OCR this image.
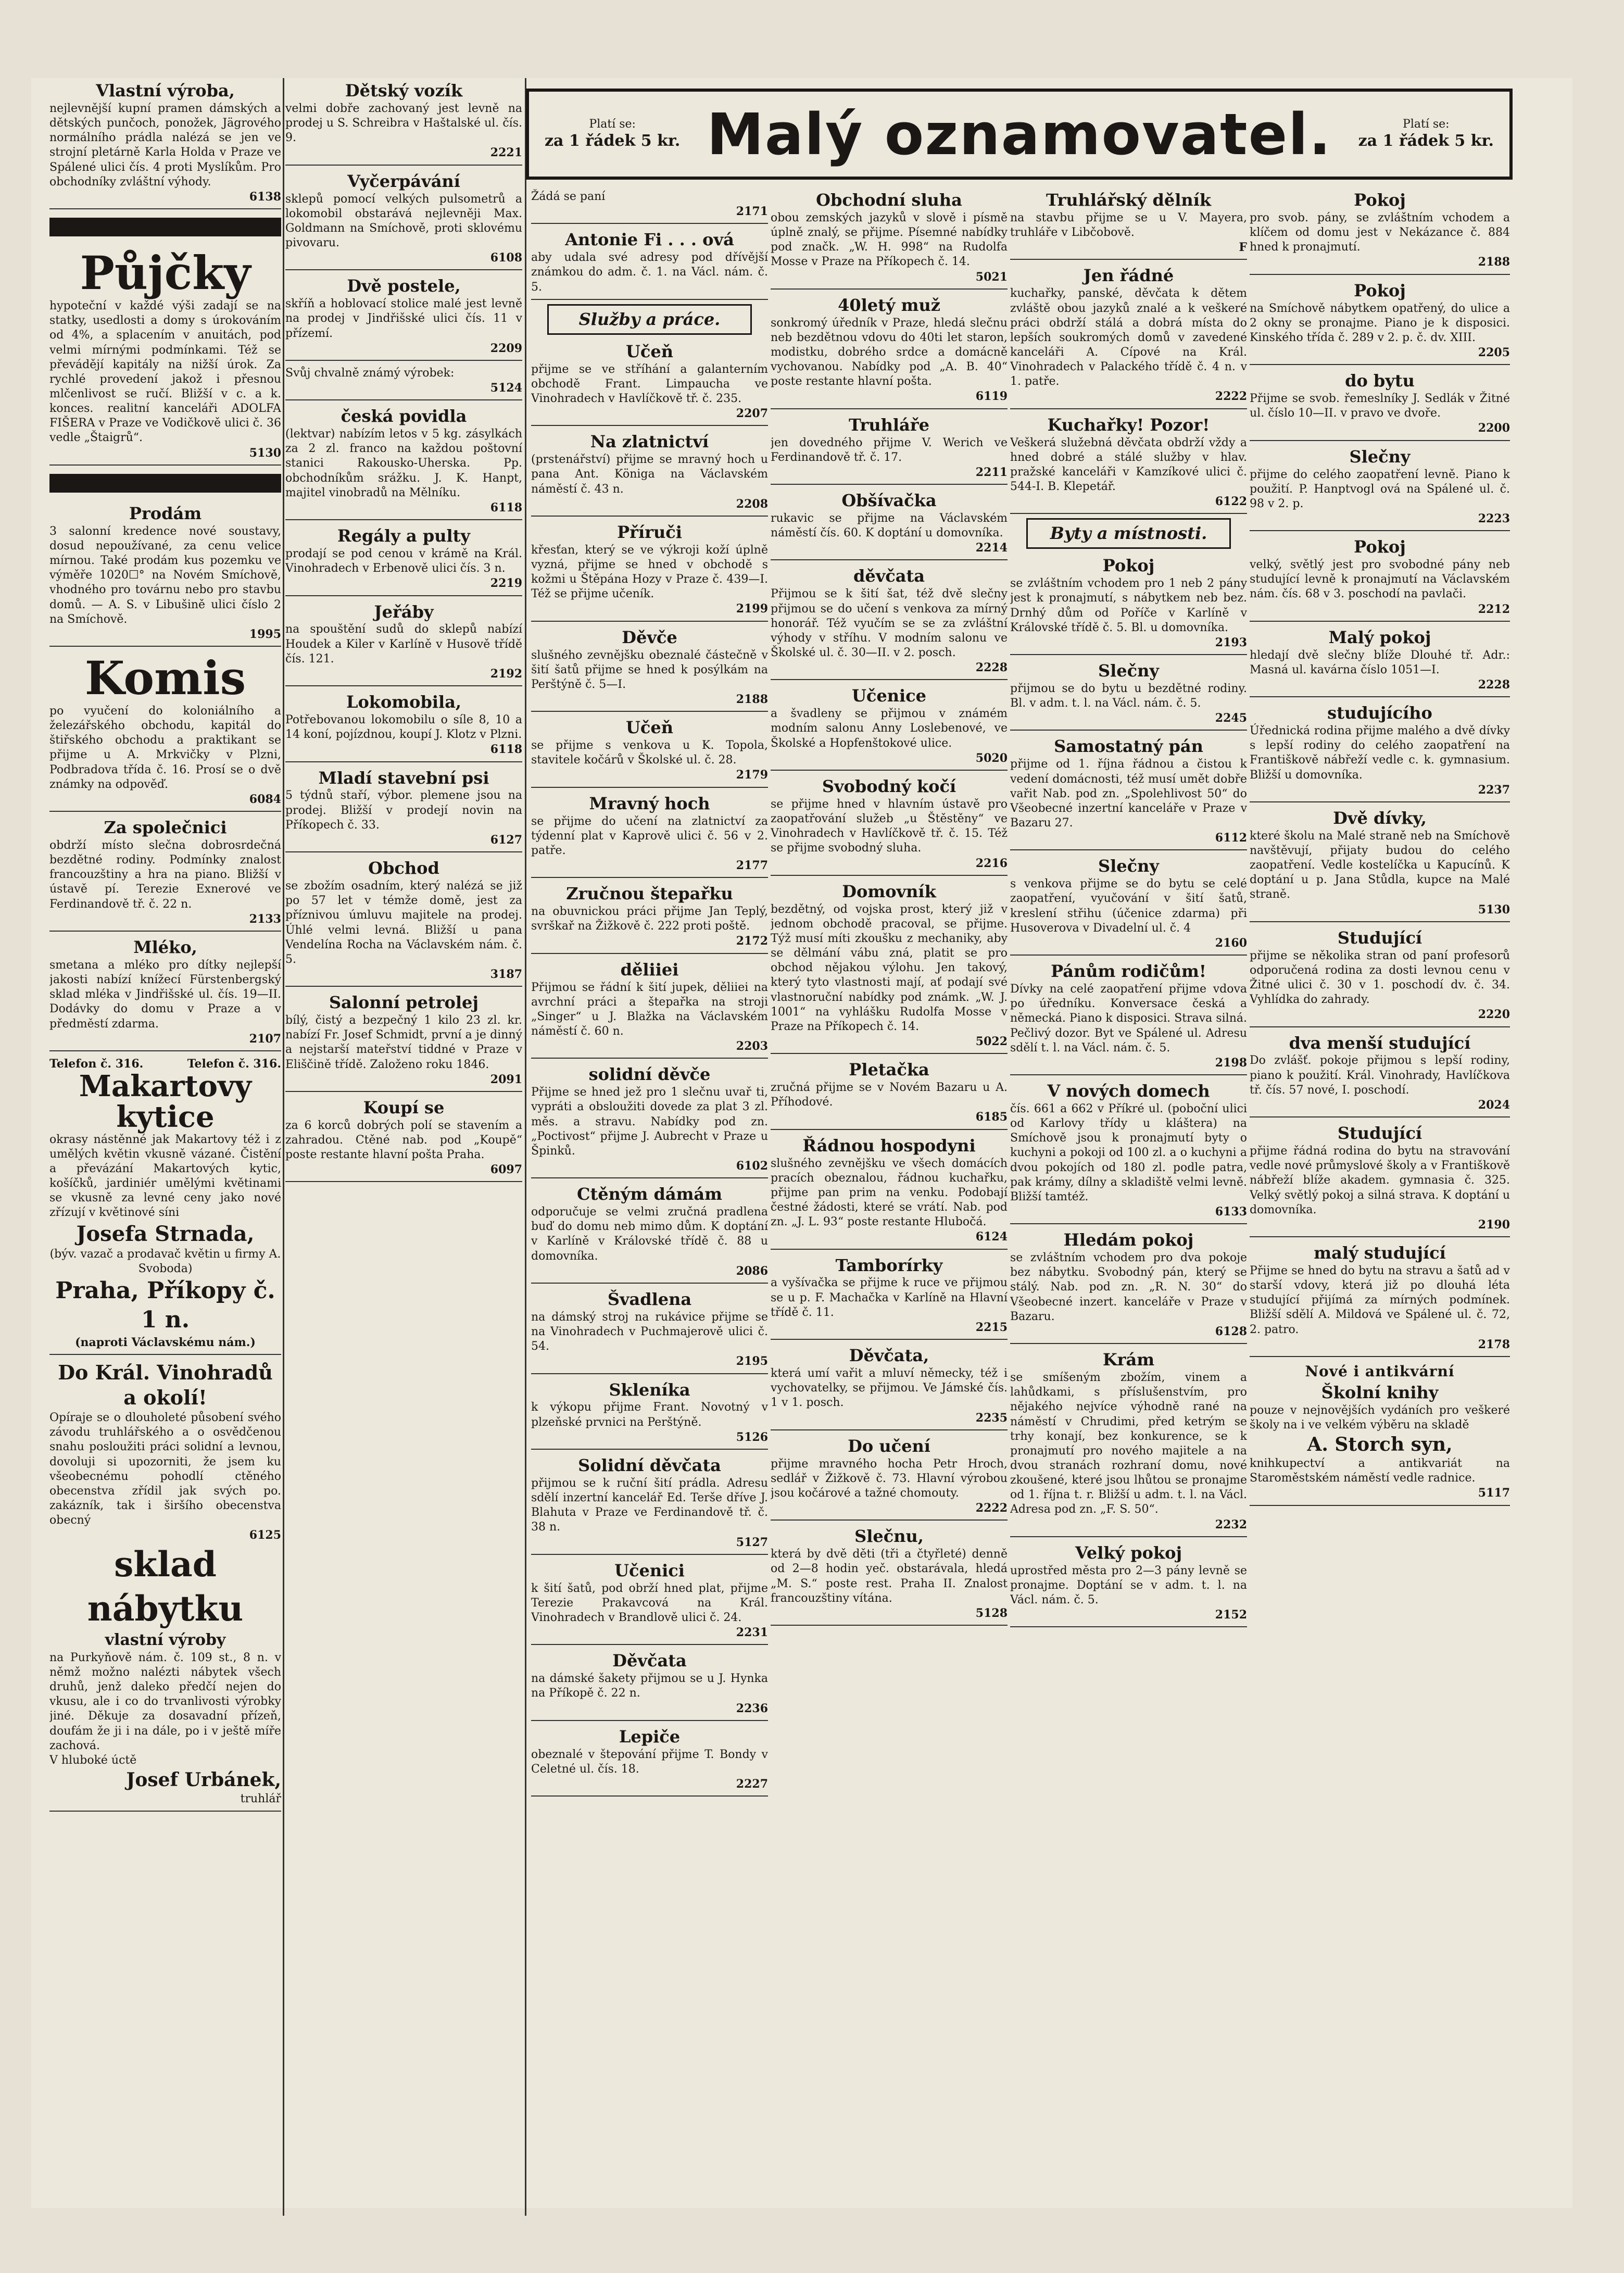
Platí se:
za 1 řádek 5 kr. Malý oznamovatel.	Platí se:
za 1 řádek 5 kr.
Vlastní výroba,

nejlevnější kupní pramen dámských a dětských punčoch, ponožek, Jägrového normálního prádla nalézá se jen ve strojní pletárně Karla Holda v Praze ve Spálené ulici čís. 4 proti Myslíkům. Pro obchodníky zvláštní výhody.

6138
Půjčky

hypoteční v každé výši zadají se na statky, usedlosti a domy s úrokováním od 4%, a splacením v anuitách, pod velmi mírnými podmínkami. Též se převádějí kapitály na nižší úrok. Za rychlé provedení jakož i přesnou mlčenlivost se ručí. Bližší v c. a k. konces. realitní kanceláři ADOLFA FIŠERA v Praze ve Vodičkově ulici č. 36 vedle „Štaigrů“.

5130
Prodám

3 salonní kredence nové soustavy, dosud nepoužívané, za cenu velice mírnou. Také prodám kus pozemku ve výměře 1020☐° na Novém Smíchově, vhodného pro továrnu nebo pro stavbu domů. — A. S. v Libušině ulici číslo 2 na Smíchově.

1995
Komis

po vyučení do koloniálního a železářského obchodu, kapitál do štiřského obchodu a praktikant se přijme u A. Mrkvičky v Plzni, Podbradova třída č. 16. Prosí se o dvě známky na odpověď.

6084
Za společnici

obdrží místo slečna dobrosrdečná bezdětné rodiny. Podmínky znalost francouzštiny a hra na piano. Bližší v ústavě pí. Terezie Exnerové ve Ferdinandově tř. č. 22 n.

2133
Mléko,

smetana a mléko pro dítky nejlepší jakosti nabízí knížecí Fürstenbergský sklad mléka v Jindřišské ul. čís. 19—II. Dodávky do domu v Praze a v předměstí zdarma.

2107
Telefon č. 316.	Telefon č. 316.
Makartovy kytice

okrasy nástěnné jak Makartovy též i z umělých květin vkusně vázané. Čistění a převázání Makartových kytic, košíčků, jardiniér umělými květinami se vkusně za levné ceny jako nové zřízují v květinové síni

Josefa Strnada,
(býv. vazač a prodavač květin u firmy A. Svoboda)
Praha, Příkopy č. 1 n.
(naproti Václavskému nám.)
Do Král. Vinohradů a okolí!

Opíraje se o dlouholeté působení svého závodu truhlářského a o osvědčenou snahu posloužiti práci solidní a levnou, dovoluji si upozorniti, že jsem ku všeobecnému pohodlí ctěného obecenstva zřídil jak svých po. zakázník, tak i širšího obecenstva obecný

6125
sklad nábytku
vlastní výroby

na Purkyňově nám. č. 109 st., 8 n. v němž možno nalézti nábytek všech druhů, jenž daleko předčí nejen do vkusu, ale i co do trvanlivosti výrobky jiné. Děkuje za dosavadní přízeň, doufám že ji i na dále, po i v ještě míře zachová.

V hluboké úctě
Josef Urbánek,
truhlář
Dětský vozík

velmi dobře zachovaný jest levně na prodej u S. Schreibra v Haštalské ul. čís. 9.

2221
Vyčerpávání

sklepů pomocí velkých pulsometrů a lokomobil obstarává nejlevněji Max. Goldmann na Smíchově, proti sklovému pivovaru.

6108
Dvě postele,

skříň a hoblovací stolice malé jest levně na prodej v Jindřišské ulici čís. 11 v přízemí.

2209

Svůj chvalně známý výrobek:

5124
česká povidla

(lektvar) nabízím letos v 5 kg. zásylkách za 2 zl. franco na každou poštovní stanici Rakousko-Uherska. Pp. obchodníkům srážku. J. K. Hanpt, majitel vinobradů na Mělníku.

6118
Regály a pulty

prodají se pod cenou v krámě na Král. Vinohradech v Erbenově ulici čís. 3 n.

2219
Jeřáby

na spouštění sudů do sklepů nabízí Houdek a Kiler v Karlíně v Husově třídě čís. 121.

2192
Lokomobila,

Potřebovanou lokomobilu o síle 8, 10 a 14 koní, pojízdnou, koupí J. Klotz v Plzni.

6118
Mladí stavební psi

5 týdnů staří, výbor. plemene jsou na prodej. Bližší v prodejí novin na Příkopech č. 33.

6127
Obchod

se zbožím osadním, který nalézá se již po 57 let v témže domě, jest za příznivou úmluvu majitele na prodej. Úhlé velmi levná. Bližší u pana Vendelína Rocha na Václavském nám. č. 5.

3187
Salonní petrolej

bílý, čistý a bezpečný 1 kilo 23 zl. kr. nabízí Fr. Josef Schmidt, první a je dinný a nejstarší mateřství tiddné v Praze v Eliščině třídě. Založeno roku 1846.

2091
Koupí se

za 6 korců dobrých polí se stavením a zahradou. Ctěné nab. pod „Koupě“ poste restante hlavní pošta Praha.

6097

Žádá se paní

2171
Antonie Fi . . . ová

aby udala své adresy pod dřívější známkou do adm. č. 1. na Václ. nám. č. 5.

Služby a práce.
Učeň

přijme se ve stříhání a galanterním obchodě Frant. Limpaucha ve Vinohradech v Havlíčkově tř. č. 235.

2207
Na zlatnictví

(prstenářství) přijme se mravný hoch u pana Ant. Königa na Václavském náměstí č. 43 n.

2208
Příruči

křesťan, který se ve výkroji koží úplně vyzná, přijme se hned v obchodě s kožmi u Štěpána Hozy v Praze č. 439—I. Též se přijme učeník.

2199
Děvče

slušného zevnějšku obeznalé částečně v šití šatů přijme se hned k posýlkám na Perštýně č. 5—I.

2188
Učeň

se přijme s venkova u K. Topola, stavitele kočárů v Školské ul. č. 28.

2179
Mravný hoch

se přijme do učení na zlatnictví za týdenní plat v Kaprově ulici č. 56 v 2. patře.

2177
Zručnou štepařku

na obuvnickou práci přijme Jan Teplý, svrškař na Žižkově č. 222 proti poště.

2172
děliiei

Přijmou se řádní k šití jupek, děliiei na avrchní práci a štepařka na stroji „Singer“ u J. Blažka na Václavském náměstí č. 60 n.

2203
solidní děvče

Přijme se hned jež pro 1 slečnu uvař ti, vypráti a obsloužiti dovede za plat 3 zl. měs. a stravu. Nabídky pod zn. „Poctivost“ přijme J. Aubrecht v Praze u Špinků.

6102
Ctěným dámám

odporučuje se velmi zručná pradlena buď do domu neb mimo dům. K doptání v Karlíně v Královské třídě č. 88 u domovníka.

2086
Švadlena

na dámský stroj na rukávice přijme se na Vinohradech v Puchmajerově ulici č. 54.

2195
Skleníka

k výkopu přijme Frant. Novotný v plzeňské prvnici na Perštýně.

5126
Solidní děvčata

přijmou se k ruční šití prádla. Adresu sdělí inzertní kancelář Ed. Terše dříve J. Blahuta v Praze ve Ferdinandově tř. č. 38 n.

5127
Učenici

k šití šatů, pod obrží hned plat, přijme Terezie Prakavcová na Král. Vinohradech v Brandlově ulici č. 24.

2231
Děvčata

na dámské šakety přijmou se u J. Hynka na Příkopě č. 22 n.

2236
Lepiče

obeznalé v štepování přijme T. Bondy v Celetné ul. čís. 18.

2227
Obchodní sluha

obou zemských jazyků v slově i písmě úplně znalý, se přijme. Písemné nabídky pod značk. „W. H. 998“ na Rudolfa Mosse v Praze na Příkopech č. 14.

5021
40letý muž

sonkromý úředník v Praze, hledá slečnu neb bezdětnou vdovu do 40ti let staron, modistku, dobrého srdce a domácně vychovanou. Nabídky pod „A. B. 40“ poste restante hlavní pošta.

6119
Truhláře

jen dovedného přijme V. Werich ve Ferdinandově tř. č. 17.

2211
Obšívačka

rukavic se přijme na Václavském náměstí čís. 60. K doptání u domovníka.

2214
děvčata

Přijmou se k šití šat, též dvě slečny přijmou se do učení s venkova za mírný honorář. Též vyučím se se za zvláštní výhody v stříhu. V modním salonu ve Školské ul. č. 30—II. v 2. posch.

2228
Učenice

a švadleny se přijmou v známém modním salonu Anny Loslebenové, ve Školské a Hopfenštokové ulice.

5020
Svobodný kočí

se přijme hned v hlavním ústavě pro zaopatřování služeb „u Štěstěny“ ve Vinohradech v Havlíčkově tř. č. 15. Též se přijme svobodný sluha.

2216
Domovník

bezdětný, od vojska prost, který již v jednom obchodě pracoval, se přijme. Týž musí míti zkoušku z mechaniky, aby se dělmání vábu zná, platit se pro obchod nějakou výlohu. Jen takový, který tyto vlastnosti mají, ať podají své vlastnoruční nabídky pod známk. „W. J. 1001“ na vyhlášku Rudolfa Mosse v Praze na Příkopech č. 14.

5022
Pletačka

zručná přijme se v Novém Bazaru u A. Příhodové.

6185
Řádnou hospodyni

slušného zevnějšku ve všech domácích pracích obeznalou, řádnou kuchařku, přijme pan prim na venku. Podobají čestné žádosti, které se vrátí. Nab. pod zn. „J. L. 93“ poste restante Hlubočá.

6124
Tamborírky

a vyšívačka se přijme k ruce ve přijmou se u p. F. Machačka v Karlíně na Hlavní třídě č. 11.

2215
Děvčata,

která umí vařit a mluví německy, též i vychovatelky, se přijmou. Ve Jámské čís. 1 v 1. posch.

2235
Do učení

přijme mravného hocha Petr Hroch, sedlář v Žižkově č. 73. Hlavní výrobou jsou kočárové a tažné chomouty.

2222
Slečnu,

která by dvě děti (tři a čtyřleté) denně od 2—8 hodin yeč. obstarávala, hledá „M. S.“ poste rest. Praha II. Znalost francouzštiny vítána.

5128
Truhlářský dělník

na stavbu přijme se u V. Mayera, truhláře v Libčobově.

F
Jen řádné

kuchařky, panské, děvčata k dětem zvláště obou jazyků znalé a k veškeré práci obdrží stálá a dobrá místa do lepších soukromých domů v zavedené kanceláři A. Cípové na Král. Vinohradech v Palackého třídě č. 4 n. v 1. patře.

2222
Kuchařky! Pozor!

Veškerá služebná děvčata obdrží vždy a hned dobré a stálé služby v hlav. pražské kanceláři v Kamzíkové ulici č. 544-I. B. Klepetář.

6122
Byty a místnosti.
Pokoj

se zvláštním vchodem pro 1 neb 2 pány jest k pronajmutí, s nábytkem neb bez. Drnhý dům od Poříče v Karlíně v Královské třídě č. 5. Bl. u domovníka.

2193
Slečny

přijmou se do bytu u bezdětné rodiny. Bl. v adm. t. l. na Václ. nám. č. 5.

2245
Samostatný pán

přijme od 1. října řádnou a čistou k vedení domácnosti, též musí umět dobře vařit Nab. pod zn. „Spolehlivost 50“ do Všeobecné inzertní kanceláře v Praze v Bazaru 27.

6112
Slečny

s venkova přijme se do bytu se celé zaopatření, vyučování v šití šatů, kreslení střihu (účenice zdarma) při Husoverova v Divadelní ul. č. 4

2160
Pánům rodičům!

Dívky na celé zaopatření přijme vdova po úředníku. Konversace česká a německá. Piano k disposici. Strava silná. Pečlivý dozor. Byt ve Spálené ul. Adresu sdělí t. l. na Václ. nám. č. 5.

2198
V nových domech

čís. 661 a 662 v Příkré ul. (poboční ulici od Karlovy třídy u kláštera) na Smíchově jsou k pronajmutí byty o kuchyni a pokoji od 100 zl. a o kuchyni a dvou pokojích od 180 zl. podle patra, pak krámy, dílny a skladiště velmi levně. Bližší tamtéž.

6133
Hledám pokoj

se zvláštním vchodem pro dva pokoje bez nábytku. Svobodný pán, který se stálý. Nab. pod zn. „R. N. 30“ do Všeobecné inzert. kanceláře v Praze v Bazaru.

6128
Krám

se smíšeným zbožím, vinem a lahůdkami, s příslušenstvím, pro nějakého nejvíce výhodně rané na náměstí v Chrudimi, před ketrým se trhy konají, bez konkurence, se k pronajmutí pro nového majitele a na dvou stranách rozhraní domu, nové zkoušené, které jsou lhůtou se pronajme od 1. října t. r. Bližší u adm. t. l. na Václ. Adresa pod zn. „F. S. 50“.

2232
Velký pokoj

uprostřed města pro 2—3 pány levně se pronajme. Doptání se v adm. t. l. na Václ. nám. č. 5.

2152
Pokoj

pro svob. pány, se zvláštním vchodem a klíčem od domu jest v Nekázance č. 884 hned k pronajmutí.

2188
Pokoj

na Smíchově nábytkem opatřený, do ulice a 2 okny se pronajme. Piano je k disposici. Kinského třída č. 289 v 2. p. č. dv. XIII.

2205
do bytu

Přijme se svob. řemeslníky J. Sedlák v Žitné ul. číslo 10—II. v pravo ve dvoře.

2200
Slečny

přijme do celého zaopatření levně. Piano k použití. P. Hanptvogl ová na Spálené ul. č. 98 v 2. p.

2223
Pokoj

velký, světlý jest pro svobodné pány neb studující levně k pronajmutí na Václavském nám. čís. 68 v 3. poschodí na pavlači.

2212
Malý pokoj

hledají dvě slečny blíže Dlouhé tř. Adr.: Masná ul. kavárna číslo 1051—I.

2228
studujícího

Úřednická rodina přijme malého a dvě dívky s lepší rodiny do celého zaopatření na Františkově nábřeží vedle c. k. gymnasium. Bližší u domovníka.

2237
Dvě dívky,

které školu na Malé straně neb na Smíchově navštěvují, přijaty budou do celého zaopatření. Vedle kostelíčka u Kapucínů. K doptání u p. Jana Stůdla, kupce na Malé straně.

5130
Studující

přijme se několika stran od paní profesorů odporučená rodina za dosti levnou cenu v Žitné ulici č. 30 v 1. poschodí dv. č. 34. Vyhlídka do zahrady.

2220
dva menší studující

Do zvlášť. pokoje přijmou s lepší rodiny, piano k použití. Král. Vinohrady, Havlíčkova tř. čís. 57 nové, I. poschodí.

2024
Studující

přijme řádná rodina do bytu na stravování vedle nové průmyslové školy a v Františkově nábřeží blíže akadem. gymnasia č. 325. Velký světlý pokoj a silná strava. K doptání u domovníka.

2190
malý studující

Přijme se hned do bytu na stravu a šatů ad v starší vdovy, která již po dlouhá léta studující přijímá za mírných podmínek. Bližší sdělí A. Mildová ve Spálené ul. č. 72, 2. patro.

2178
Nové i antikvární
Školní knihy

pouze v nejnovějších vydáních pro veškeré školy na i ve velkém výběru na skladě

A. Storch syn,

knihkupectví a antikvariát na Staroměstském náměstí vedle radnice.

5117
